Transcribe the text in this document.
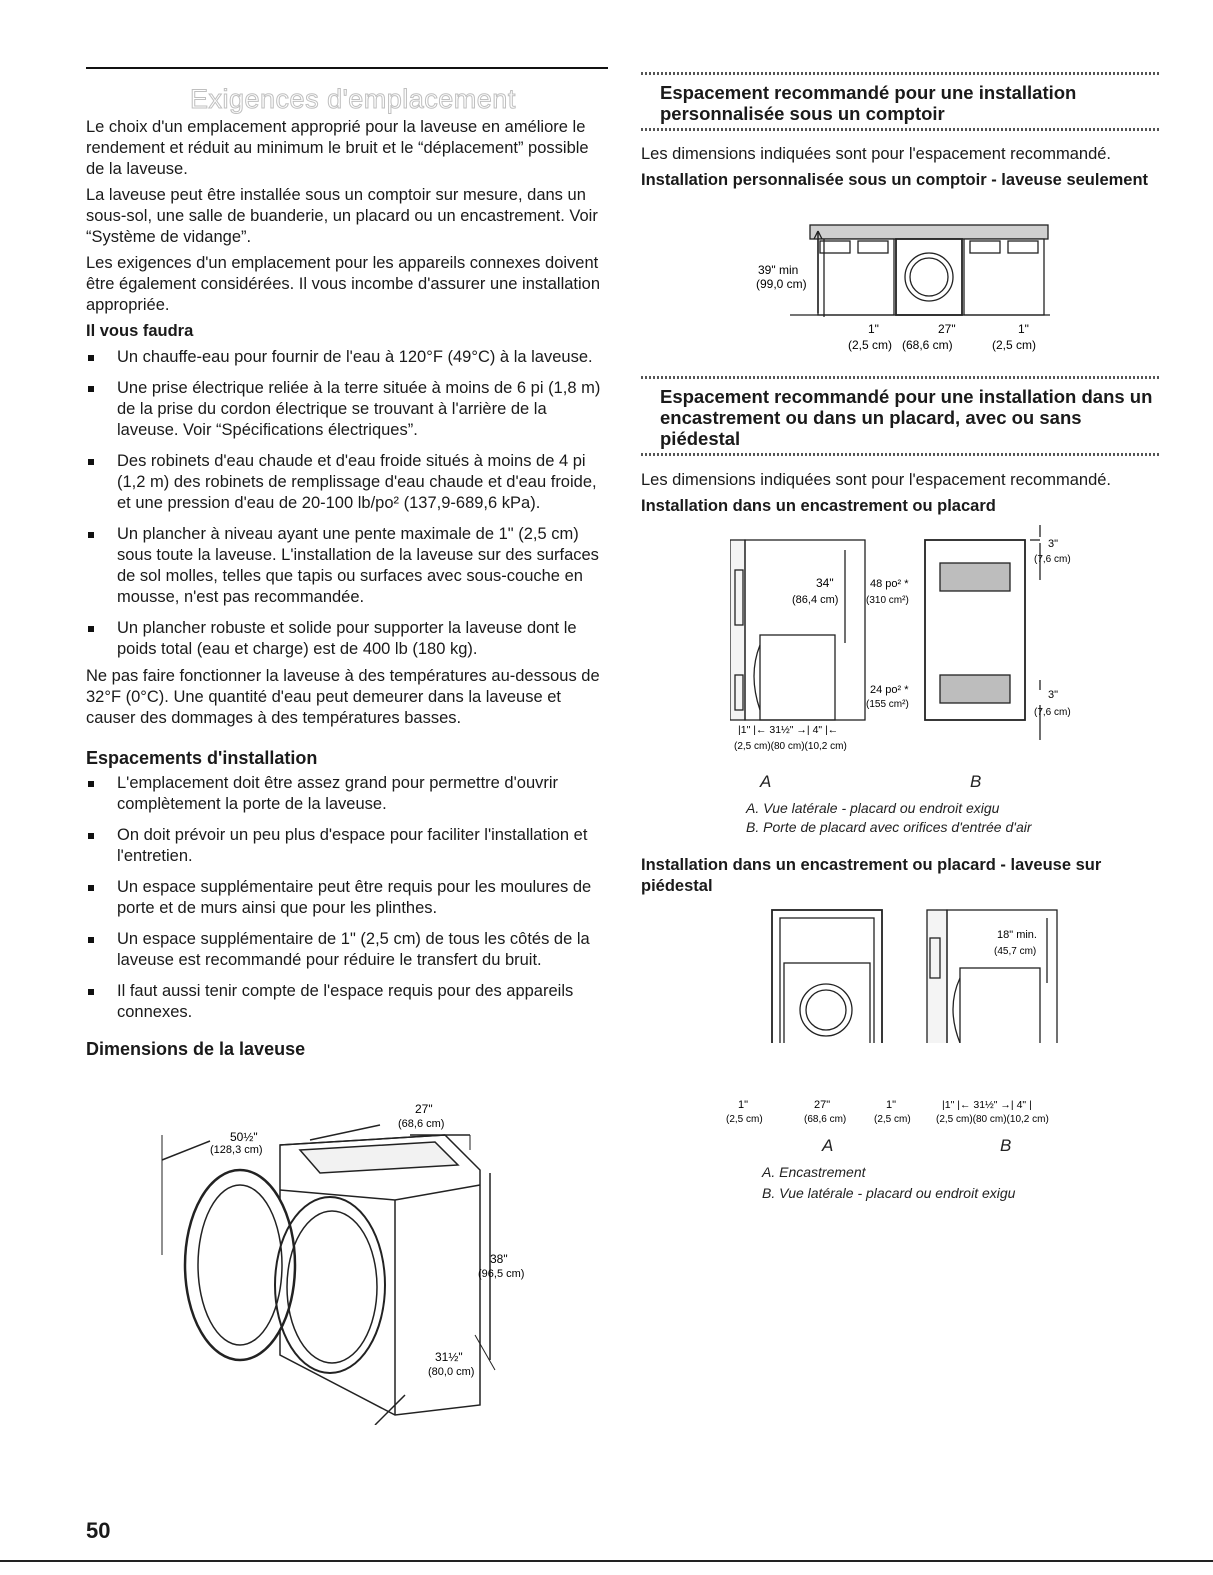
Exigences d'emplacement

Le choix d'un emplacement approprié pour la laveuse en améliore le rendement et réduit au minimum le bruit et le “déplacement” possible de la laveuse.

La laveuse peut être installée sous un comptoir sur mesure, dans un sous-sol, une salle de buanderie, un placard ou un encastrement. Voir “Système de vidange”.

Les exigences d'un emplacement pour les appareils connexes doivent être également considérées. Il vous incombe d'assurer une installation appropriée.

Il vous faudra
Un chauffe-eau pour fournir de l'eau à 120°F (49°C) à la laveuse.
Une prise électrique reliée à la terre située à moins de 6 pi (1,8 m) de la prise du cordon électrique se trouvant à l'arrière de la laveuse. Voir “Spécifications électriques”.
Des robinets d'eau chaude et d'eau froide situés à moins de 4 pi (1,2 m) des robinets de remplissage d'eau chaude et d'eau froide, et une pression d'eau de 20-100 lb/po² (137,9-689,6 kPa).
Un plancher à niveau ayant une pente maximale de 1" (2,5 cm) sous toute la laveuse. L'installation de la laveuse sur des surfaces de sol molles, telles que tapis ou surfaces avec sous-couche en mousse, n'est pas recommandée.
Un plancher robuste et solide pour supporter la laveuse dont le poids total (eau et charge) est de 400 lb (180 kg).

Ne pas faire fonctionner la laveuse à des températures au-dessous de 32°F (0°C). Une quantité d'eau peut demeurer dans la laveuse et causer des dommages à des températures basses.

Espacements d'installation
L'emplacement doit être assez grand pour permettre d'ouvrir complètement la porte de la laveuse.
On doit prévoir un peu plus d'espace pour faciliter l'installation et l'entretien.
Un espace supplémentaire peut être requis pour les moulures de porte et de murs ainsi que pour les plinthes.
Un espace supplémentaire de 1" (2,5 cm) de tous les côtés de la laveuse est recommandé pour réduire le transfert du bruit.
Il faut aussi tenir compte de l'espace requis pour des appareils connexes.
Dimensions de la laveuse
27"
(68,6 cm)
50½"
(128,3 cm)
38"
(96,5 cm)
31½"
(80,0 cm)
Espacement recommandé pour une installation personnalisée sous un comptoir

Les dimensions indiquées sont pour l'espacement recommandé.

Installation personnalisée sous un comptoir - laveuse seulement
39" min
(99,0 cm)
1"
(2,5 cm)
27"
(68,6 cm)
1"
(2,5 cm)
Espacement recommandé pour une installation dans un encastrement ou dans un placard, avec ou sans piédestal

Les dimensions indiquées sont pour l'espacement recommandé.

Installation dans un encastrement ou placard
34"
(86,4 cm)
48 po² *
(310 cm²)
24 po² *
(155 cm²)
3"
(7,6 cm)
3"
(7,6 cm)
|1" |← 31½" →| 4" |←
(2,5 cm)(80 cm)(10,2 cm)
A	B
A. Vue latérale - placard ou endroit exigu
B. Porte de placard avec orifices d'entrée d'air
Installation dans un encastrement ou placard - laveuse sur piédestal
18" min.
(45,7 cm)
1"
(2,5 cm)
27"
(68,6 cm)
1"
(2,5 cm)
|1" |← 31½" →| 4" |
(2,5 cm)(80 cm)(10,2 cm)
A	B
A. Encastrement
B. Vue latérale - placard ou endroit exigu
50
